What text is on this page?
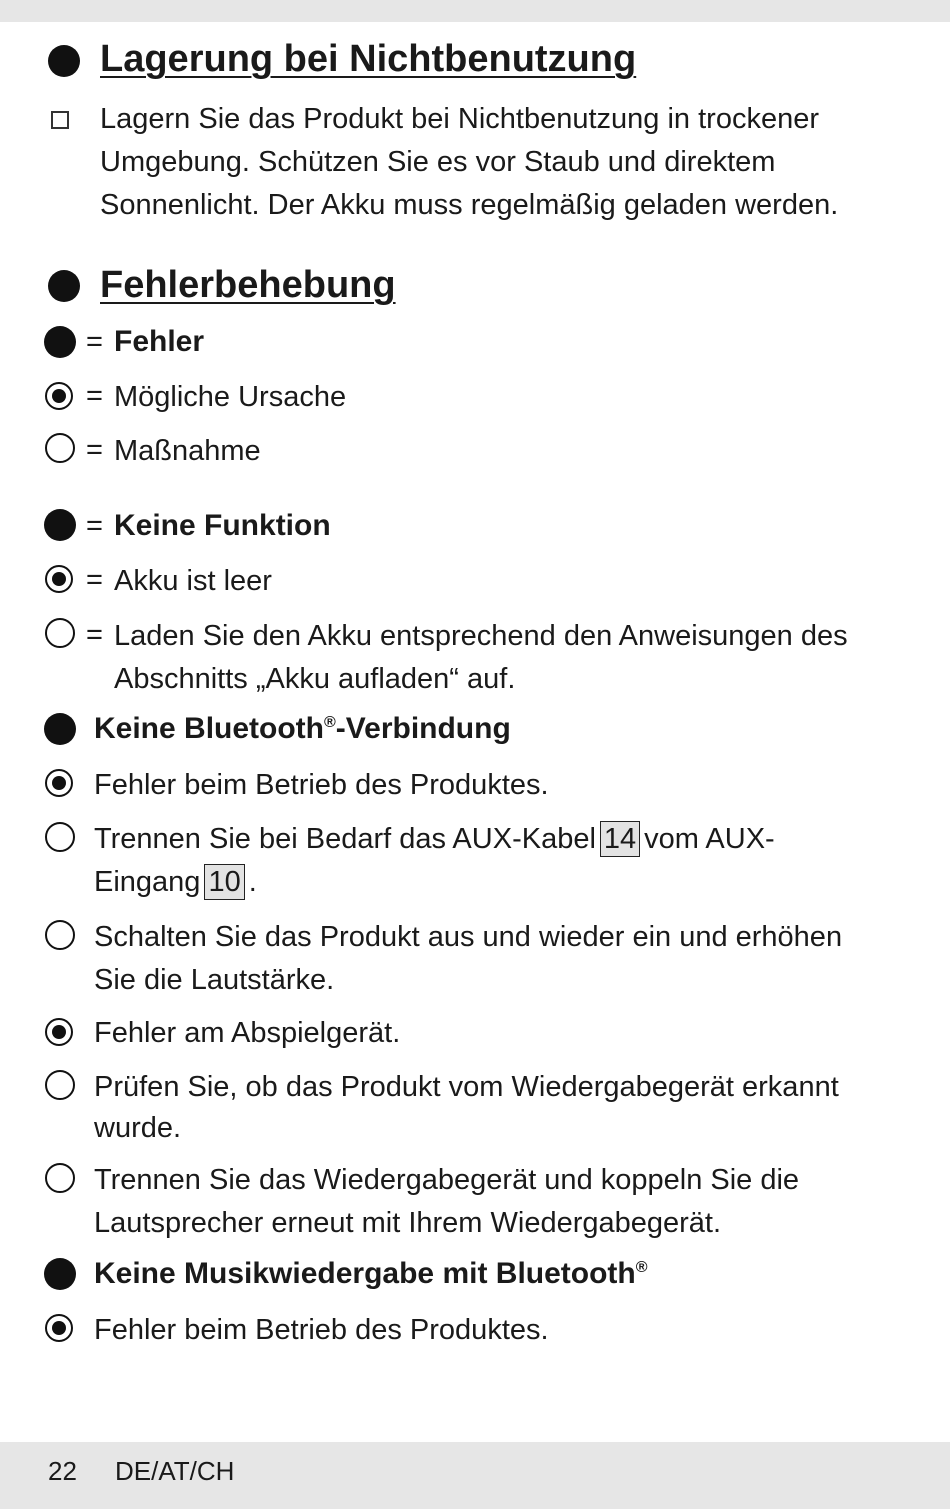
Lagerung bei Nichtbenutzung
Lagern Sie das Produkt bei Nichtbenutzung in trockener
Umgebung. Schützen Sie es vor Staub und direktem
Sonnenlicht. Der Akku muss regelmäßig geladen werden.
Fehlerbehebung
= Fehler
= Mögliche Ursache
= Maßnahme
= Keine Funktion
= Akku ist leer
= Laden Sie den Akku entsprechend den Anweisungen des
Abschnitts „Akku aufladen“ auf.
Keine Bluetooth®-Verbindung
Fehler beim Betrieb des Produktes.
Trennen Sie bei Bedarf das AUX-Kabel 14 vom AUX-
Eingang 10 .
Schalten Sie das Produkt aus und wieder ein und erhöhen
Sie die Lautstärke.
Fehler am Abspielgerät.
Prüfen Sie, ob das Produkt vom Wiedergabegerät erkannt
wurde.
Trennen Sie das Wiedergabegerät und koppeln Sie die
Lautsprecher erneut mit Ihrem Wiedergabegerät.
Keine Musikwiedergabe mit Bluetooth®
Fehler beim Betrieb des Produktes.
22 DE/AT/CH
